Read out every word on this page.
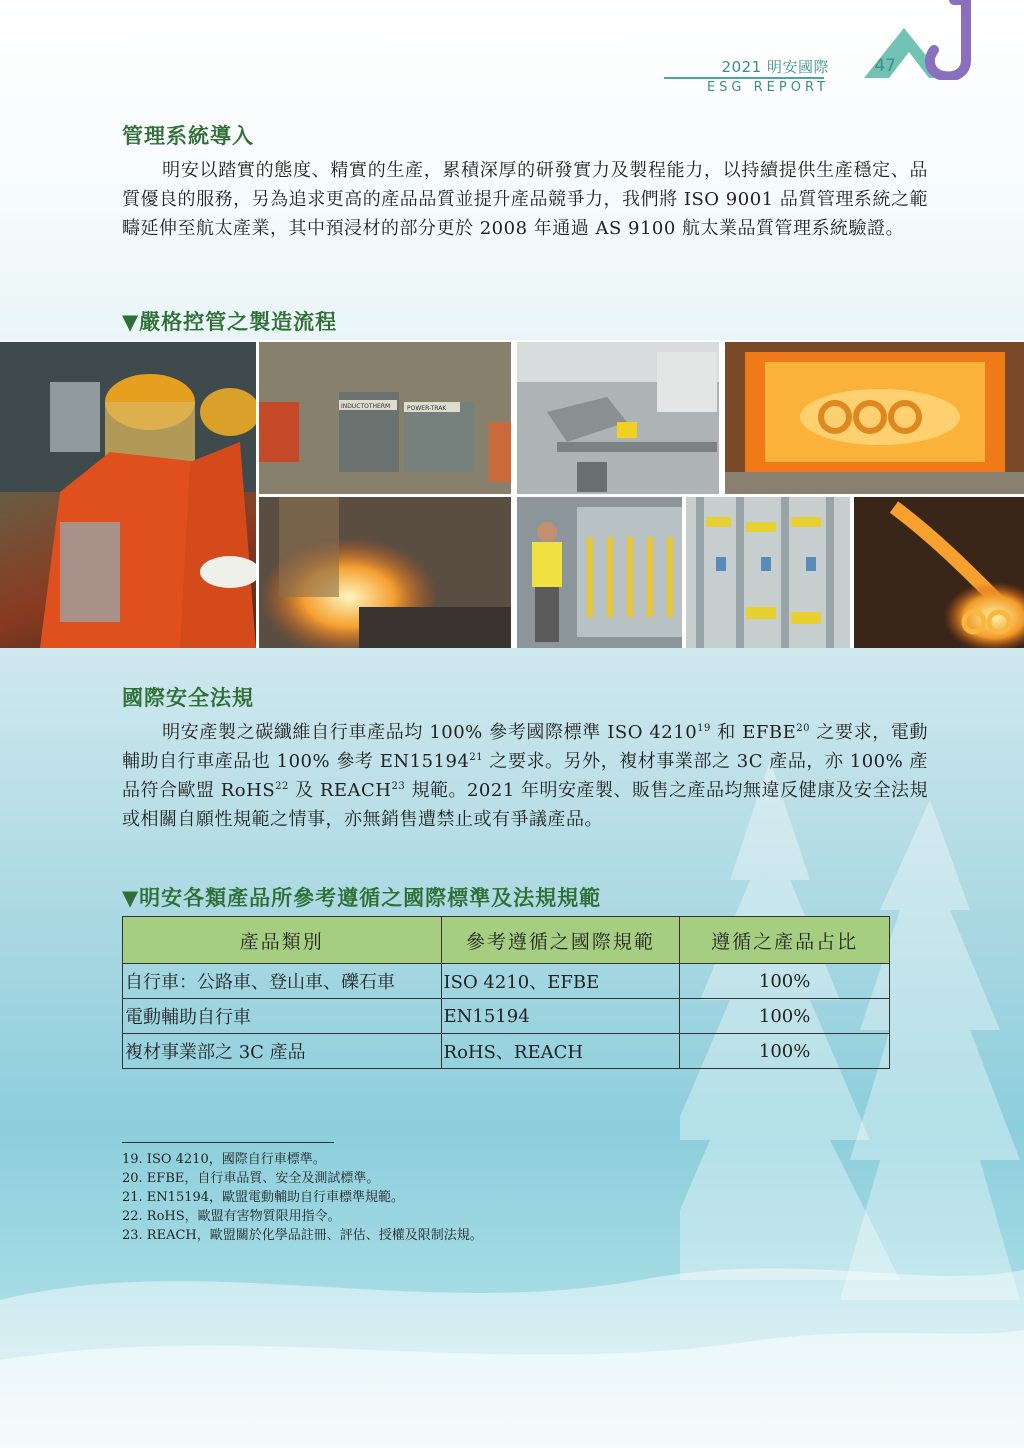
2021 明安國際
ESG REPORT
47
管理系統導入

明安以踏實的態度、精實的生產，累積深厚的研發實力及製程能力，以持續提供生產穩定、品質優良的服務，另為追求更高的產品品質並提升產品競爭力，我們將 ISO 9001 品質管理系統之範疇延伸至航太產業，其中預浸材的部分更於 2008 年通過 AS 9100 航太業品質管理系統驗證。

▼嚴格控管之製造流程
INDUCTOTHERM	POWER-TRAK
國際安全法規

明安產製之碳纖維自行車產品均 100% 參考國際標準 ISO 4210$^{19}$ 和 EFBE$^{20}$ 之要求，電動輔助自行車產品也 100% 參考 EN15194$^{21}$ 之要求。另外，複材事業部之 3C 產品，亦 100% 產品符合歐盟 RoHS$^{22}$ 及 REACH$^{23}$ 規範。2021 年明安產製、販售之產品均無違反健康及安全法規或相關自願性規範之情事，亦無銷售遭禁止或有爭議產品。

▼明安各類產品所參考遵循之國際標準及法規規範
產品類別	參考遵循之國際規範	遵循之產品占比
自行車：公路車、登山車、礫石車	ISO 4210、EFBE	100%
電動輔助自行車	EN15194	100%
複材事業部之 3C 產品	RoHS、REACH	100%
19. ISO 4210，國際自行車標準。
20. EFBE，自行車品質、安全及測試標準。
21. EN15194，歐盟電動輔助自行車標準規範。
22. RoHS，歐盟有害物質限用指令。
23. REACH，歐盟關於化學品註冊、評估、授權及限制法規。
